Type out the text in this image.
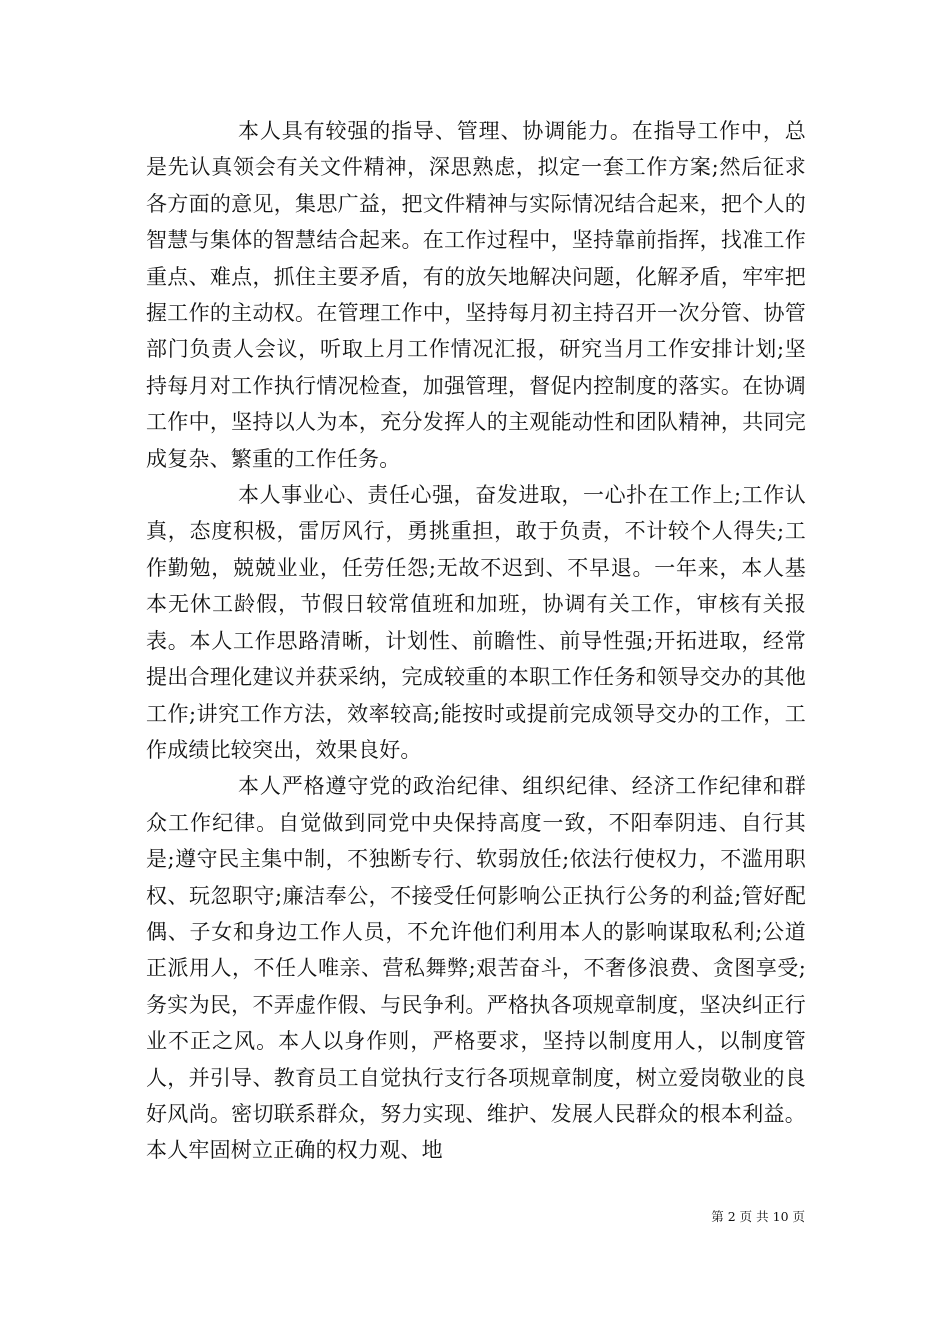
本人具有较强的指导、管理、协调能力。在指导工作中，总是先认真领会有关文件精神，深思熟虑，拟定一套工作方案;然后征求各方面的意见，集思广益，把文件精神与实际情况结合起来，把个人的智慧与集体的智慧结合起来。在工作过程中，坚持靠前指挥，找准工作重点、难点，抓住主要矛盾，有的放矢地解决问题，化解矛盾，牢牢把握工作的主动权。在管理工作中，坚持每月初主持召开一次分管、协管部门负责人会议，听取上月工作情况汇报，研究当月工作安排计划;坚持每月对工作执行情况检查，加强管理，督促内控制度的落实。在协调工作中，坚持以人为本，充分发挥人的主观能动性和团队精神，共同完成复杂、繁重的工作任务。

本人事业心、责任心强，奋发进取，一心扑在工作上;工作认真，态度积极，雷厉风行，勇挑重担，敢于负责，不计较个人得失;工作勤勉，兢兢业业，任劳任怨;无故不迟到、不早退。一年来，本人基本无休工龄假，节假日较常值班和加班，协调有关工作，审核有关报表。本人工作思路清晰，计划性、前瞻性、前导性强;开拓进取，经常提出合理化建议并获采纳，完成较重的本职工作任务和领导交办的其他工作;讲究工作方法，效率较高;能按时或提前完成领导交办的工作，工作成绩比较突出，效果良好。

本人严格遵守党的政治纪律、组织纪律、经济工作纪律和群众工作纪律。自觉做到同党中央保持高度一致，不阳奉阴违、自行其是;遵守民主集中制，不独断专行、软弱放任;依法行使权力，不滥用职权、玩忽职守;廉洁奉公，不接受任何影响公正执行公务的利益;管好配偶、子女和身边工作人员，不允许他们利用本人的影响谋取私利;公道正派用人，不任人唯亲、营私舞弊;艰苦奋斗，不奢侈浪费、贪图享受;务实为民，不弄虚作假、与民争利。严格执各项规章制度，坚决纠正行业不正之风。本人以身作则，严格要求，坚持以制度用人，以制度管人，并引导、教育员工自觉执行支行各项规章制度，树立爱岗敬业的良好风尚。密切联系群众，努力实现、维护、发展人民群众的根本利益。本人牢固树立正确的权力观、地

第 2 页 共 10 页
